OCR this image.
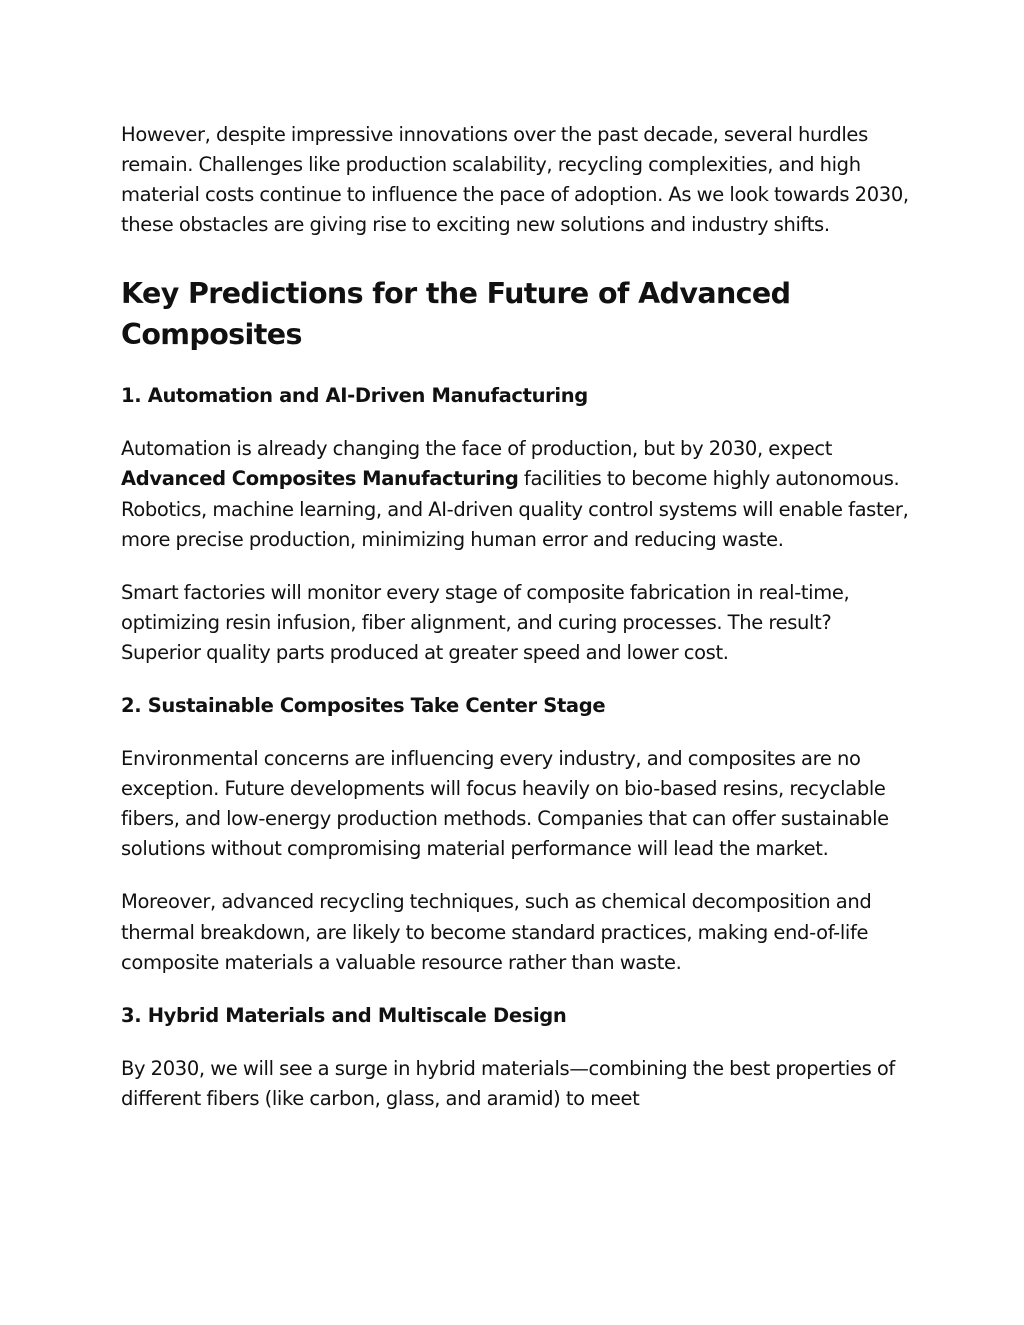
However, despite impressive innovations over the past decade, several hurdles remain. Challenges like production scalability, recycling complexities, and high material costs continue to influence the pace of adoption. As we look towards 2030, these obstacles are giving rise to exciting new solutions and industry shifts.

Key Predictions for the Future of Advanced Composites
1. Automation and AI-Driven Manufacturing

Automation is already changing the face of production, but by 2030, expect Advanced Composites Manufacturing facilities to become highly autonomous. Robotics, machine learning, and AI-driven quality control systems will enable faster, more precise production, minimizing human error and reducing waste.

Smart factories will monitor every stage of composite fabrication in real-time, optimizing resin infusion, fiber alignment, and curing processes. The result? Superior quality parts produced at greater speed and lower cost.

2. Sustainable Composites Take Center Stage

Environmental concerns are influencing every industry, and composites are no exception. Future developments will focus heavily on bio-based resins, recyclable fibers, and low-energy production methods. Companies that can offer sustainable solutions without compromising material performance will lead the market.

Moreover, advanced recycling techniques, such as chemical decomposition and thermal breakdown, are likely to become standard practices, making end-of-life composite materials a valuable resource rather than waste.

3. Hybrid Materials and Multiscale Design

By 2030, we will see a surge in hybrid materials—combining the best properties of different fibers (like carbon, glass, and aramid) to meet
